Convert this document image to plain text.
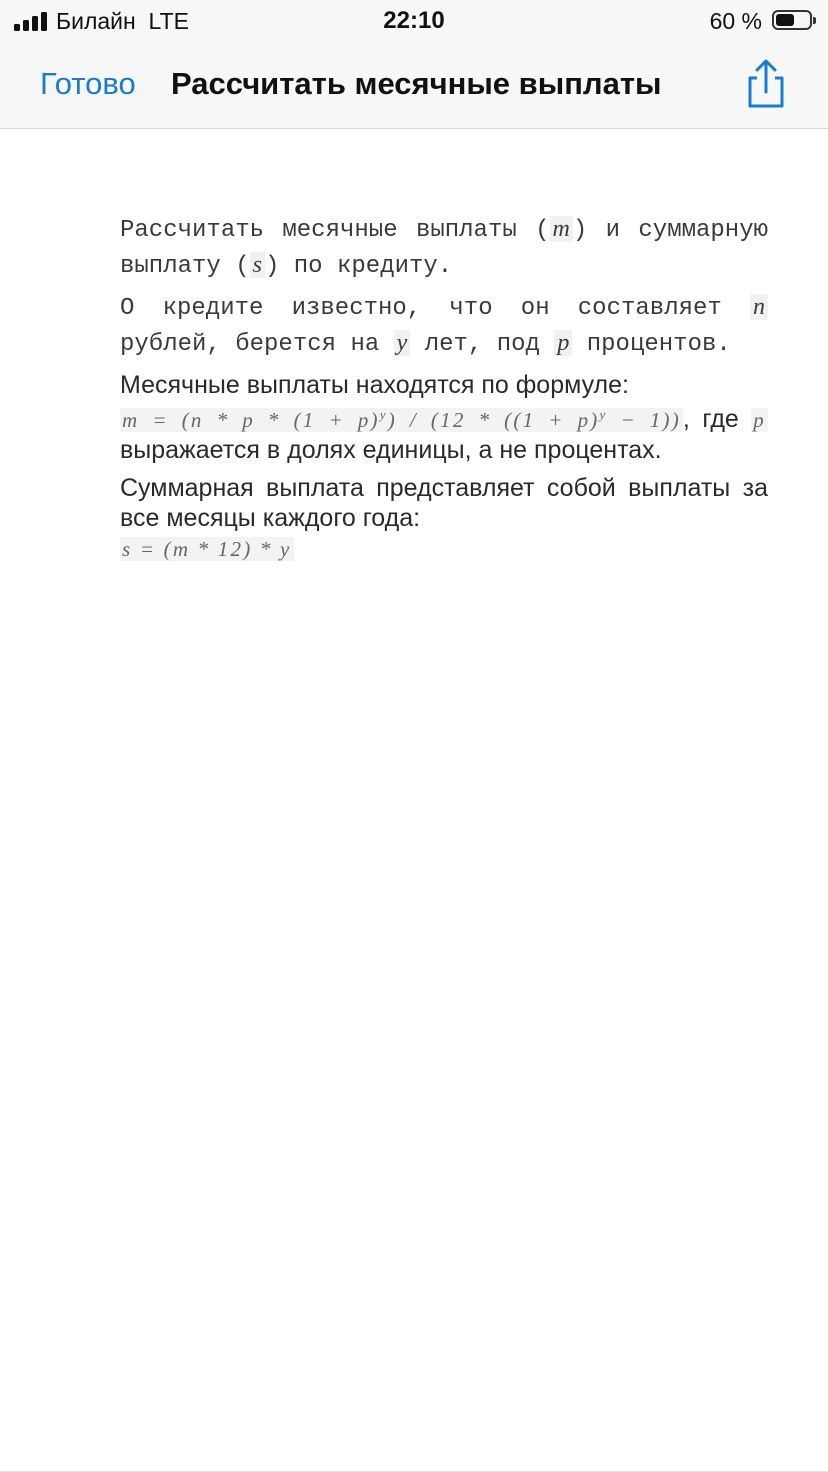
Билайн LTE	22:10	60 %
Готово Рассчитать месячные выплаты

Рассчитать месячные выплаты ( m ) и суммарную выплату ( s ) по кредиту.

О кредите известно, что он составляет n рублей, берется на y лет, под p процентов.

Месячные выплаты находятся по формуле:
$m = (n * p * (1 + p)^y) / (12 * ((1 + p)^y - 1))$, где p выражается в долях единицы, а не процентах.

Суммарная выплата представляет собой выплаты за все месяцы каждого года:
s = (m * 12) * y
